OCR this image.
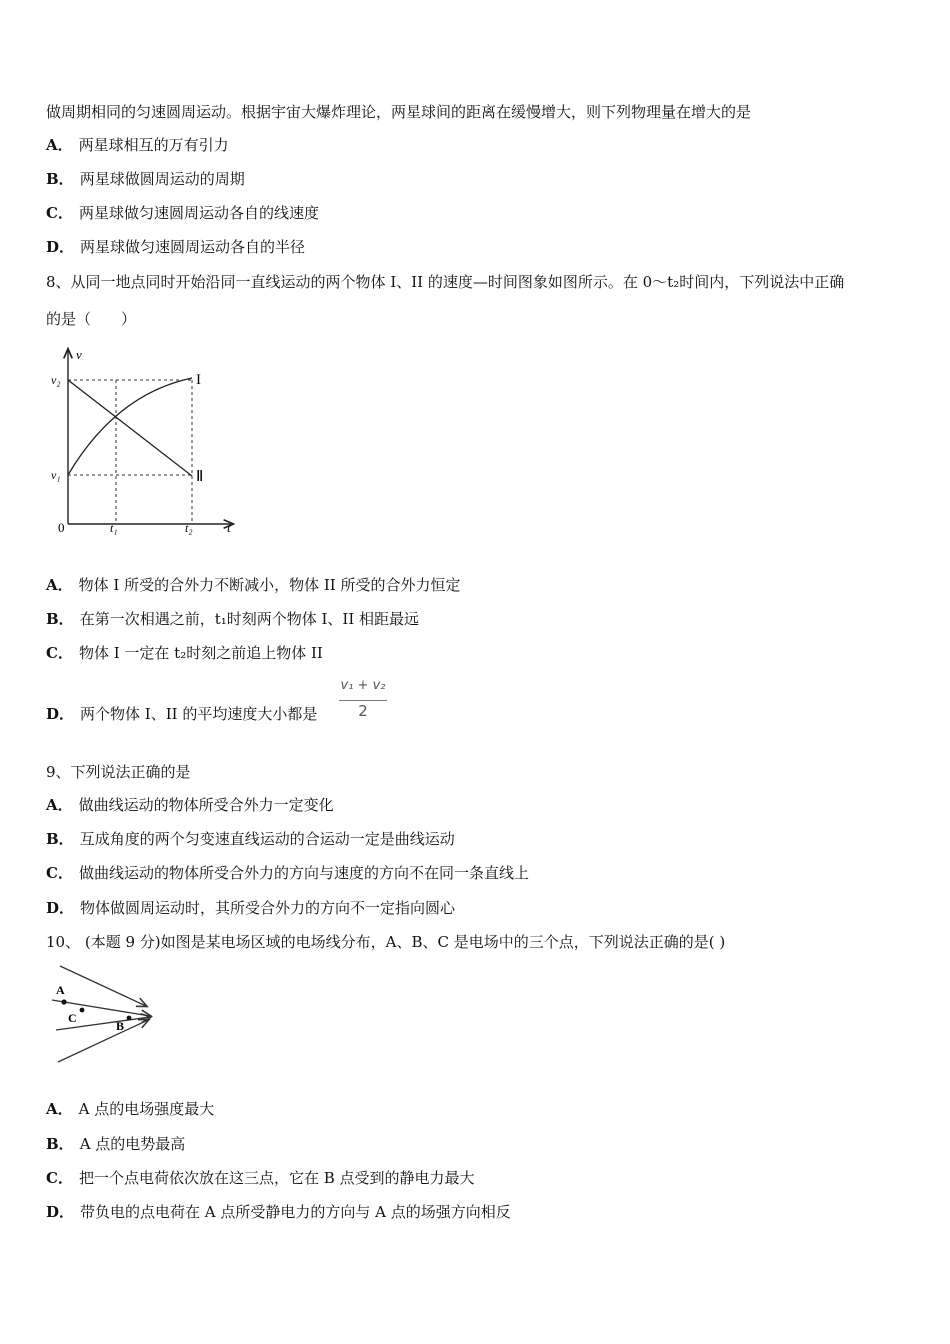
做周期相同的匀速圆周运动。根据宇宙大爆炸理论，两星球间的距离在缓慢增大，则下列物理量在增大的是
A． 两星球相互的万有引力
B． 两星球做圆周运动的周期
C． 两星球做匀速圆周运动各自的线速度
D． 两星球做匀速圆周运动各自的半径
8、从同一地点同时开始沿同一直线运动的两个物体 I、II 的速度—时间图象如图所示。在 0～t₂时间内，下列说法中正确
的是（　　）
v
v₂
v₁
0	t₁	t₂	t
I
Ⅱ
A． 物体 I 所受的合外力不断减小，物体 II 所受的合外力恒定
B． 在第一次相遇之前，t₁时刻两个物体 I、II 相距最远
C． 物体 I 一定在 t₂时刻之前追上物体 II
D． 两个物体 I、II 的平均速度大小都是
v₁ + v₂
2
9、下列说法正确的是
A． 做曲线运动的物体所受合外力一定变化
B． 互成角度的两个匀变速直线运动的合运动一定是曲线运动
C． 做曲线运动的物体所受合外力的方向与速度的方向不在同一条直线上
D． 物体做圆周运动时，其所受合外力的方向不一定指向圆心
10、 (本题 9 分)如图是某电场区域的电场线分布，A、B、C 是电场中的三个点，下列说法正确的是( )
A
C
B
A． A 点的电场强度最大
B． A 点的电势最高
C． 把一个点电荷依次放在这三点，它在 B 点受到的静电力最大
D． 带负电的点电荷在 A 点所受静电力的方向与 A 点的场强方向相反
